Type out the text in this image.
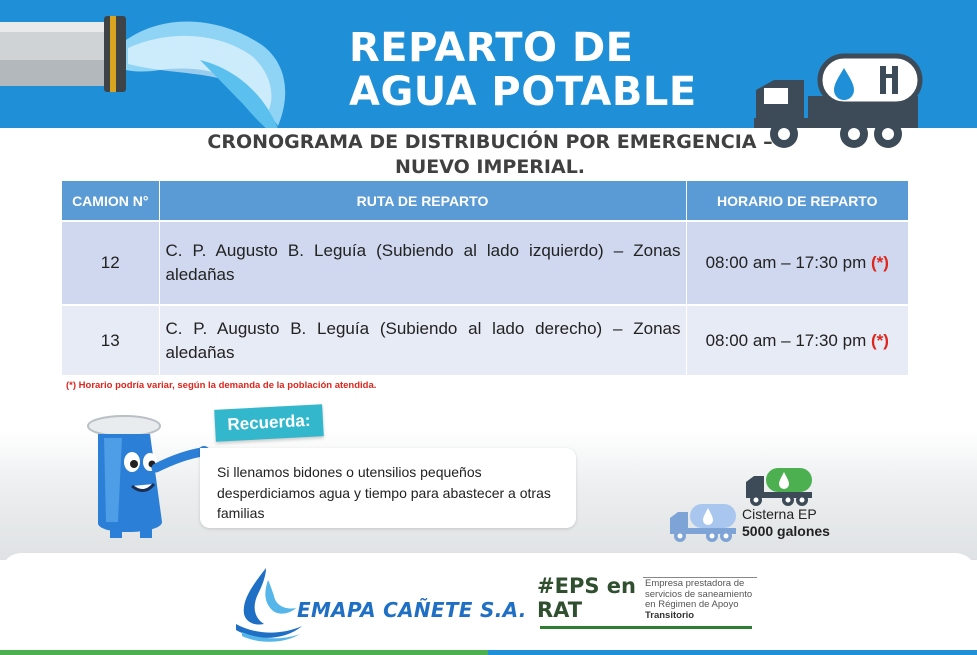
REPARTO DE
AGUA POTABLE
CRONOGRAMA DE DISTRIBUCIÓN POR EMERGENCIA –
NUEVO IMPERIAL.
CAMION N°	RUTA DE REPARTO	HORARIO DE REPARTO
12	C. P. Augusto B. Leguía (Subiendo al lado izquierdo) – Zonas aledañas	08:00 am – 17:30 pm (*)
13	C. P. Augusto B. Leguía (Subiendo al lado derecho) – Zonas aledañas	08:00 am – 17:30 pm (*)
(*) Horario podría variar, según la demanda de la población atendida.
Recuerda:
Si llenamos bidones o utensilios pequeños desperdiciamos agua y tiempo para abastecer a otras familias	Cisterna EP
5000 galones
EMAPA CAÑETE S.A.
#EPS en
RAT
Empresa prestadora de servicios de saneamiento en Régimen de Apoyo Transitorio
